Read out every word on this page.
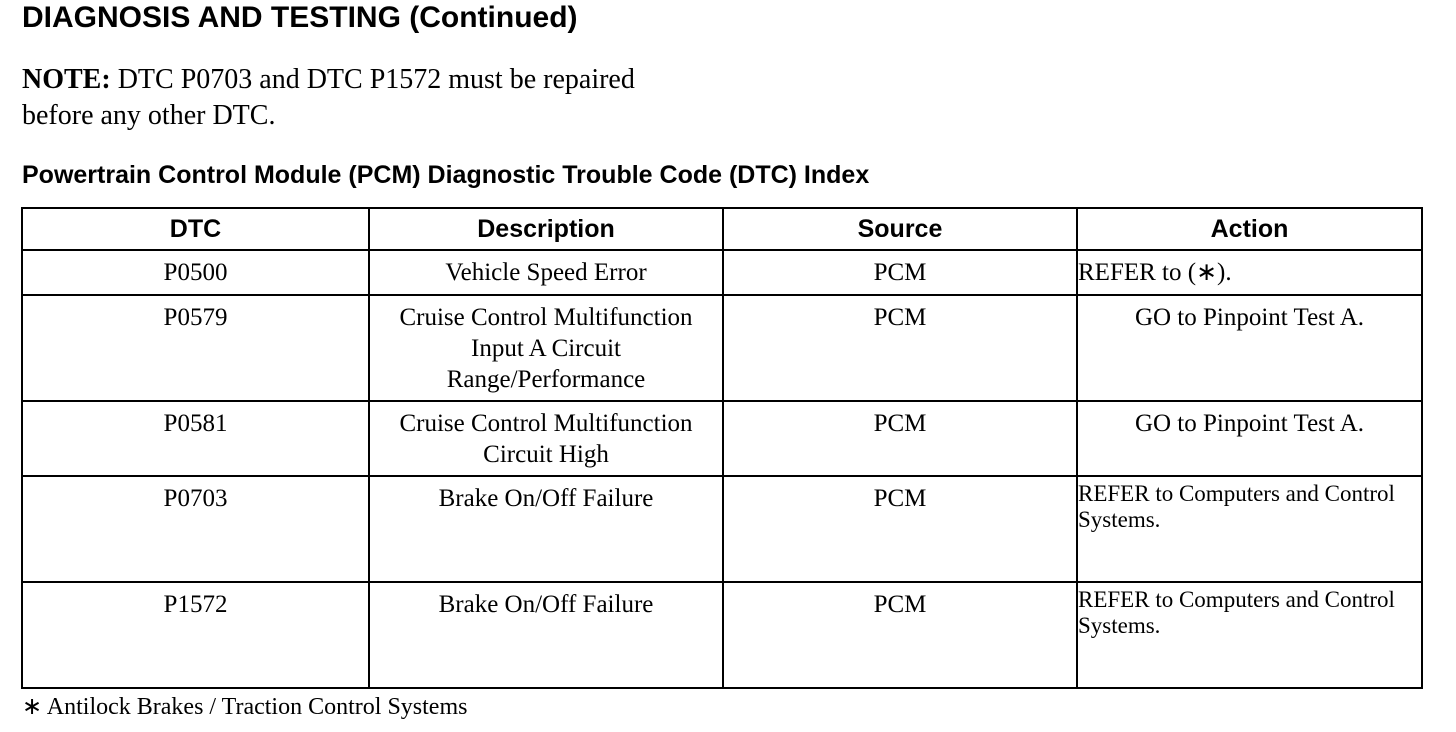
DIAGNOSIS AND TESTING (Continued)
NOTE: DTC P0703 and DTC P1572 must be repaired before any other DTC.
Powertrain Control Module (PCM) Diagnostic Trouble Code (DTC) Index
DTC	Description	Source	Action
P0500	Vehicle Speed Error	PCM	REFER to (∗).
P0579	Cruise Control Multifunction Input A Circuit Range/Performance	PCM	GO to Pinpoint Test A.
P0581	Cruise Control Multifunction Circuit High	PCM	GO to Pinpoint Test A.
P0703	Brake On/Off Failure	PCM	REFER to Computers and Control Systems.
P1572	Brake On/Off Failure	PCM	REFER to Computers and Control Systems.
∗ Antilock Brakes / Traction Control Systems
